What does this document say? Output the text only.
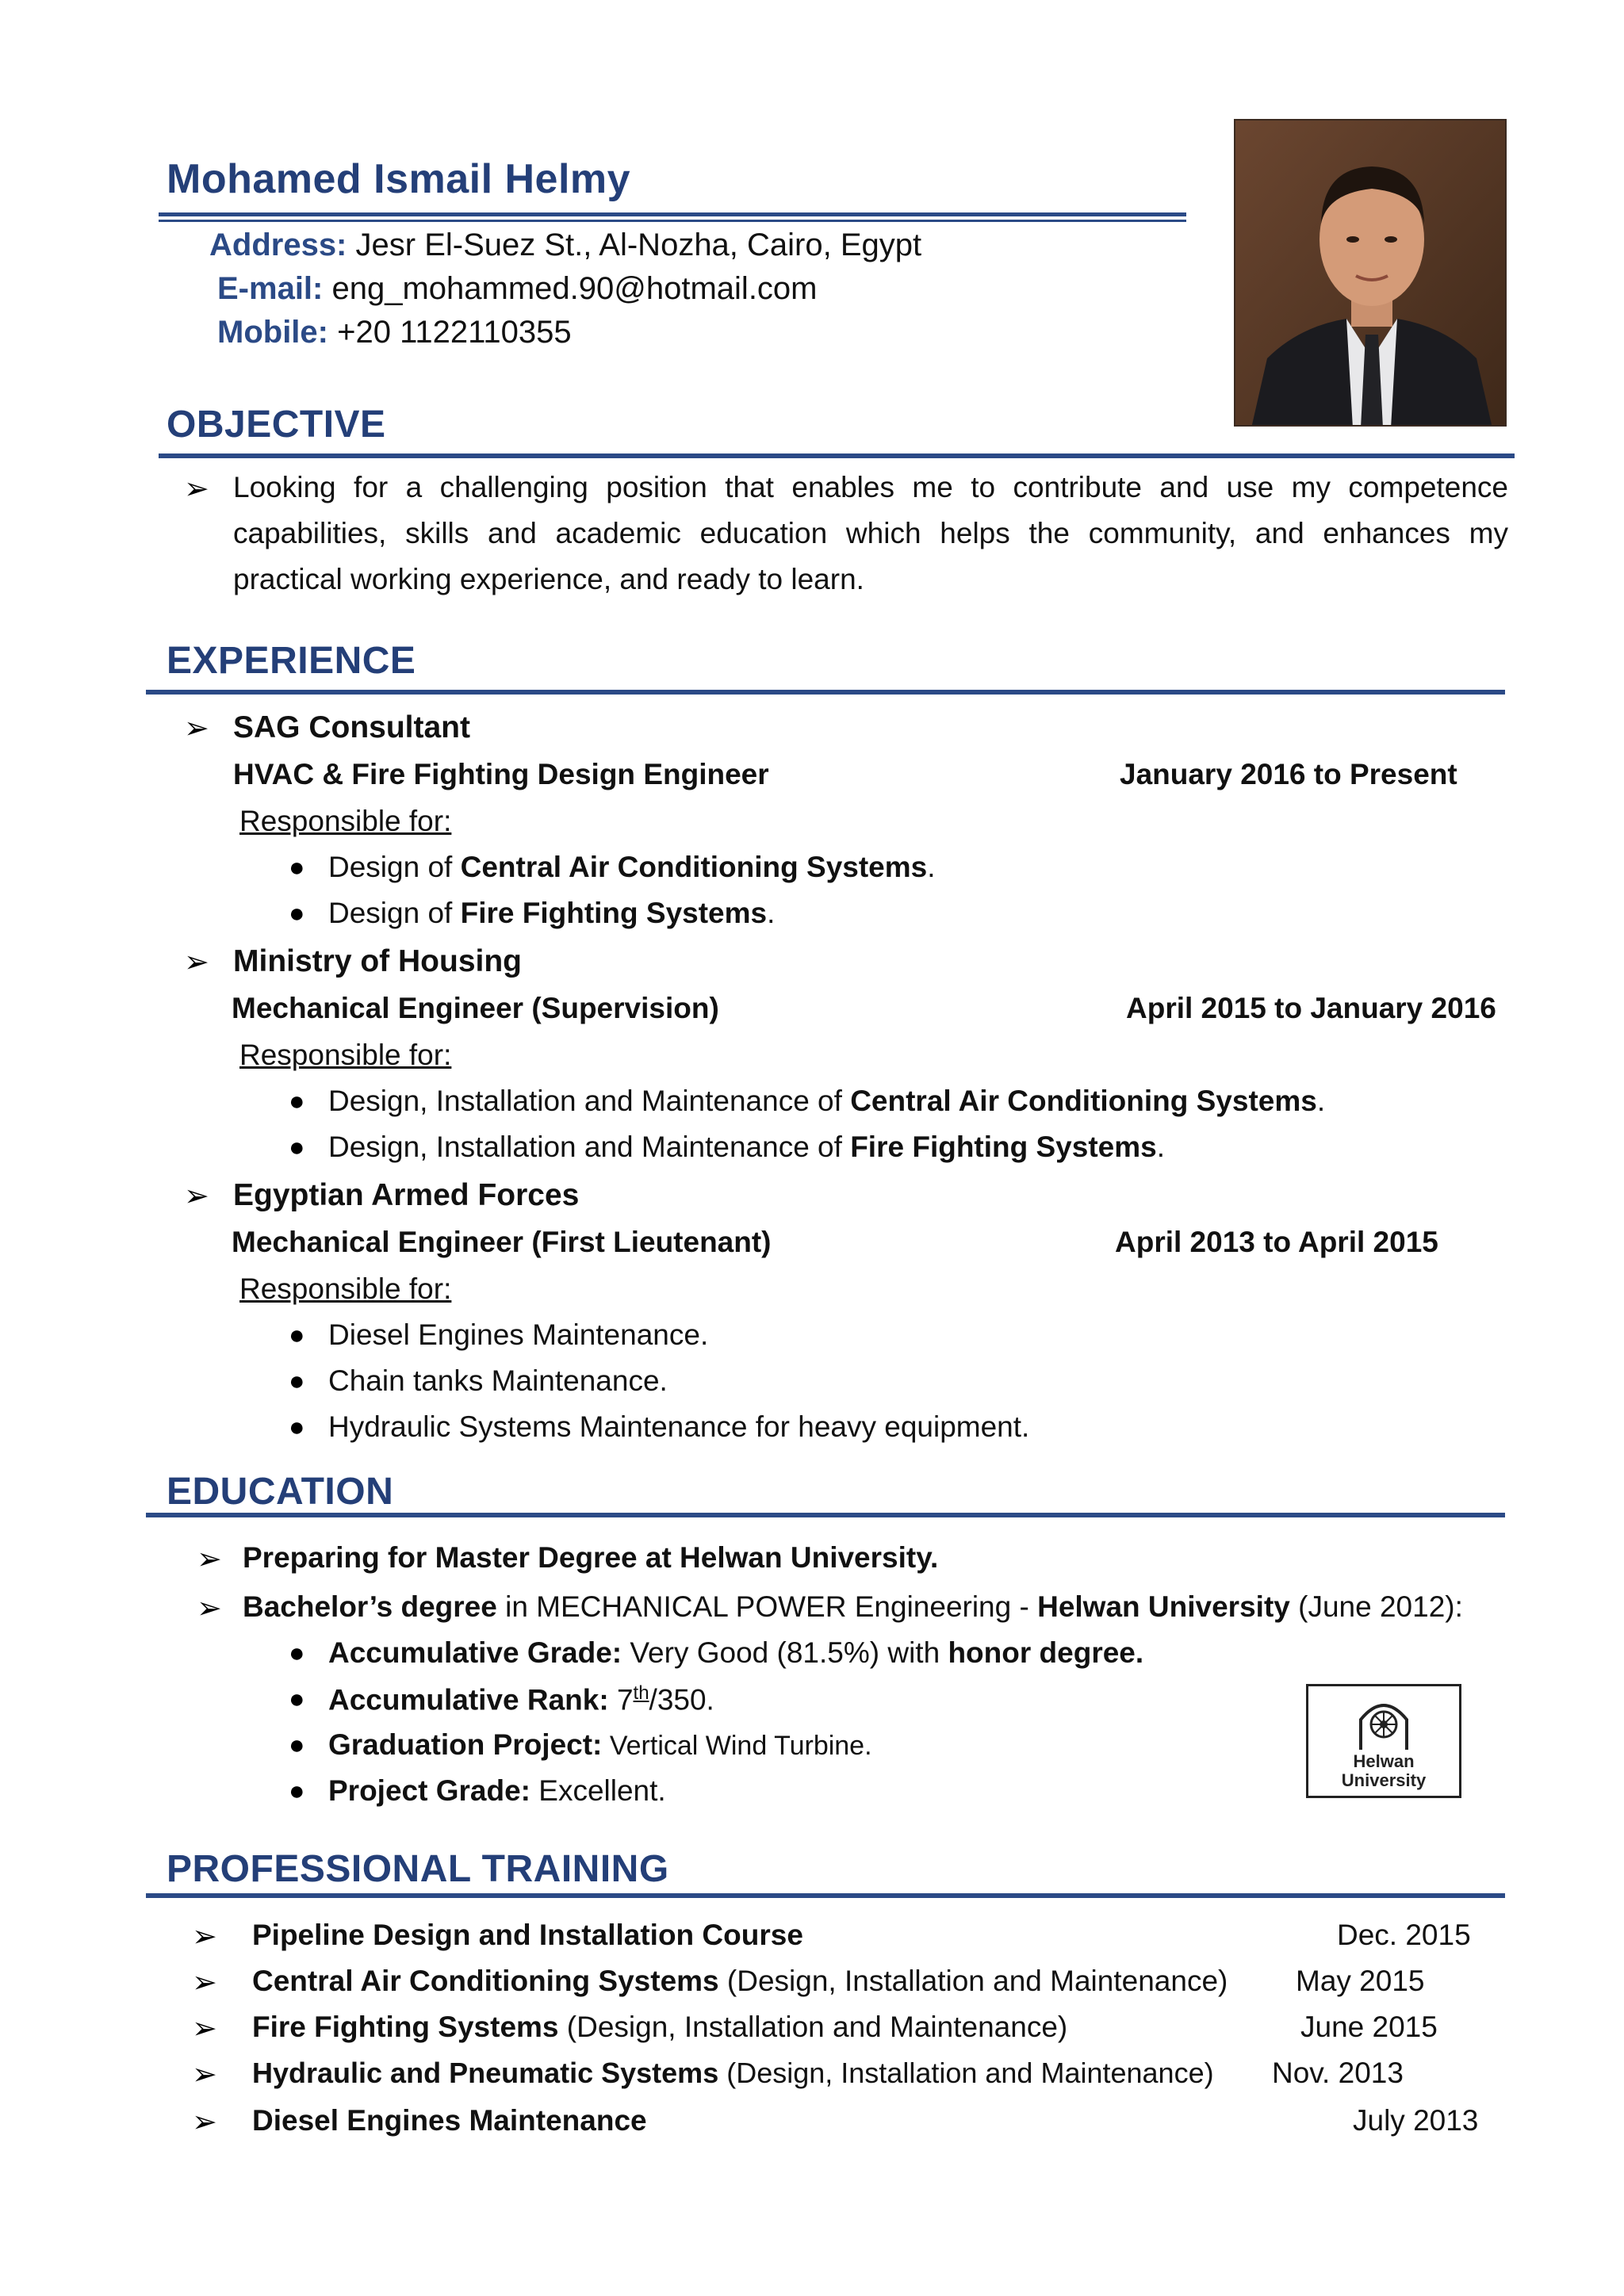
Mohamed Ismail Helmy
Address: Jesr El-Suez St., Al-Nozha, Cairo, Egypt
E-mail: eng_mohammed.90@hotmail.com
Mobile: +20 1122110355
OBJECTIVE
➢ Looking for a challenging position that enables me to contribute and use my competence
capabilities, skills and academic education which helps the community, and enhances my
practical working experience, and ready to learn.
EXPERIENCE
➢ SAG Consultant
HVAC & Fire Fighting Design Engineer	January 2016 to Present
Responsible for:
● Design of Central Air Conditioning Systems.
● Design of Fire Fighting Systems.
➢ Ministry of Housing
Mechanical Engineer (Supervision)	April 2015 to January 2016
Responsible for:
● Design, Installation and Maintenance of Central Air Conditioning Systems.
● Design, Installation and Maintenance of Fire Fighting Systems.
➢ Egyptian Armed Forces
Mechanical Engineer (First Lieutenant)	April 2013 to April 2015
Responsible for:
● Diesel Engines Maintenance.
● Chain tanks Maintenance.
● Hydraulic Systems Maintenance for heavy equipment.
EDUCATION
➢ Preparing for Master Degree at Helwan University.
➢ Bachelor’s degree in MECHANICAL POWER Engineering - Helwan University (June 2012):
● Accumulative Grade: Very Good (81.5%) with honor degree.
● Accumulative Rank: 7th/350.
● Graduation Project: Vertical Wind Turbine.
● Project Grade: Excellent.
Helwan
University
PROFESSIONAL TRAINING
➢ Pipeline Design and Installation Course	Dec. 2015
➢ Central Air Conditioning Systems (Design, Installation and Maintenance) May 2015
➢ Fire Fighting Systems (Design, Installation and Maintenance)	June 2015
➢ Hydraulic and Pneumatic Systems (Design, Installation and Maintenance) Nov. 2013
➢ Diesel Engines Maintenance	July 2013
